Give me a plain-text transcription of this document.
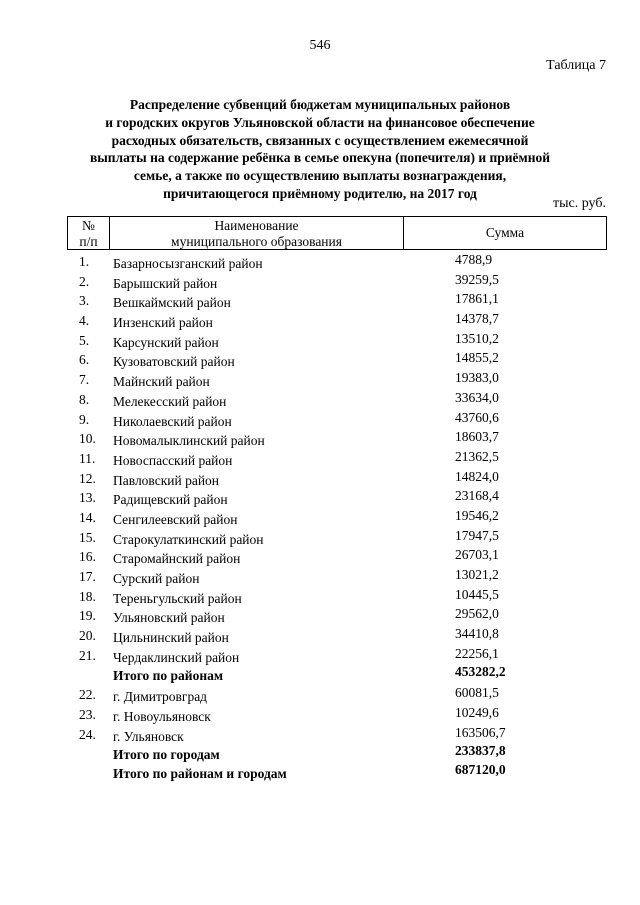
546
Таблица 7
Распределение субвенций бюджетам муниципальных районов
и городских округов Ульяновской области на финансовое обеспечение
расходных обязательств, связанных с осуществлением ежемесячной
выплаты на содержание ребёнка в семье опекуна (попечителя) и приёмной
семье, а также по осуществлению выплаты вознаграждения,
причитающегося приёмному родителю, на 2017 год
тыс. руб.
№
п/п
Наименование
муниципального образования
Сумма
1. Базарносызганский район	4788,9
2. Барышский район	39259,5
3. Вешкаймский район	17861,1
4. Инзенский район	14378,7
5. Карсунский район	13510,2
6. Кузоватовский район	14855,2
7. Майнский район	19383,0
8. Мелекесский район	33634,0
9. Николаевский район	43760,6
10. Новомалыклинский район	18603,7
11. Новоспасский район	21362,5
12. Павловский район	14824,0
13. Радищевский район	23168,4
14. Сенгилеевский район	19546,2
15. Старокулаткинский район	17947,5
16. Старомайнский район	26703,1
17. Сурский район	13021,2
18. Тереньгульский район	10445,5
19. Ульяновский район	29562,0
20. Цильнинский район	34410,8
21. Чердаклинский район	22256,1
Итого по районам	453282,2
22. г. Димитровград	60081,5
23. г. Новоульяновск	10249,6
24. г. Ульяновск	163506,7
Итого по городам	233837,8
Итого по районам и городам	687120,0
